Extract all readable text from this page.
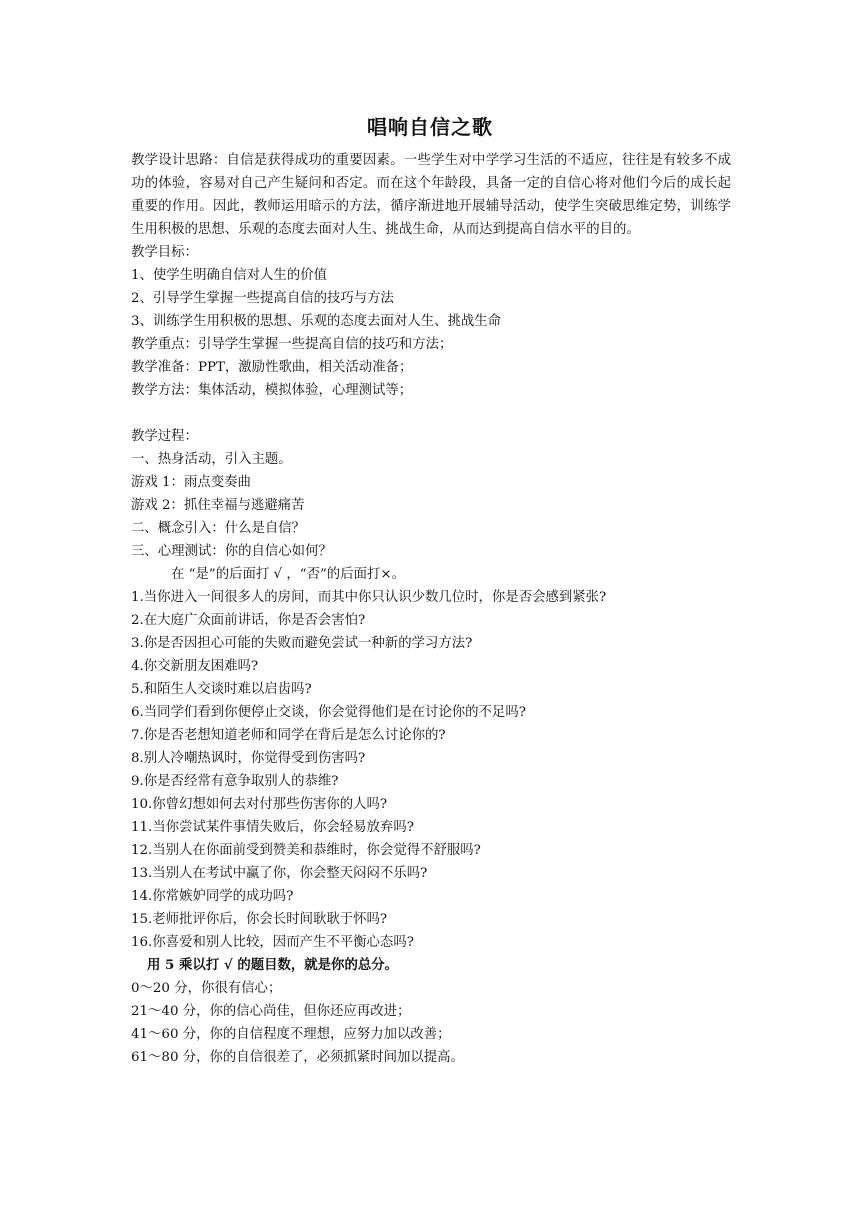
唱响自信之歌

教学设计思路：自信是获得成功的重要因素。一些学生对中学学习生活的不适应，往往是有较多不成功的体验，容易对自己产生疑问和否定。而在这个年龄段，具备一定的自信心将对他们今后的成长起重要的作用。因此，教师运用暗示的方法，循序渐进地开展辅导活动，使学生突破思维定势，训练学生用积极的思想、乐观的态度去面对人生、挑战生命，从而达到提高自信水平的目的。

教学目标：

1、使学生明确自信对人生的价值

2、引导学生掌握一些提高自信的技巧与方法

3、训练学生用积极的思想、乐观的态度去面对人生、挑战生命

教学重点：引导学生掌握一些提高自信的技巧和方法；

教学准备：PPT，激励性歌曲，相关活动准备；

教学方法：集体活动，模拟体验，心理测试等；

教学过程：

一、热身活动，引入主题。

游戏 1：雨点变奏曲

游戏 2：抓住幸福与逃避痛苦

二、概念引入：什么是自信？

三、心理测试：你的自信心如何？

在 “是”的后面打 √ ，“否”的后面打×。

1.当你进入一间很多人的房间，而其中你只认识少数几位时，你是否会感到紧张?

2.在大庭广众面前讲话，你是否会害怕?

3.你是否因担心可能的失败而避免尝试一种新的学习方法?

4.你交新朋友困难吗?

5.和陌生人交谈时难以启齿吗?

6.当同学们看到你便停止交谈，你会觉得他们是在讨论你的不足吗?

7.你是否老想知道老师和同学在背后是怎么讨论你的?

8.别人冷嘲热讽时，你觉得受到伤害吗?

9.你是否经常有意争取别人的恭维?

10.你曾幻想如何去对付那些伤害你的人吗?

11.当你尝试某件事情失败后，你会轻易放弃吗?

12.当别人在你面前受到赞美和恭维时，你会觉得不舒服吗?

13.当别人在考试中赢了你，你会整天闷闷不乐吗?

14.你常嫉妒同学的成功吗?

15.老师批评你后，你会长时间耿耿于怀吗?

16.你喜爱和别人比较，因而产生不平衡心态吗?

用 5 乘以打 √ 的题目数，就是你的总分。

0～20 分，你很有信心；

21～40 分，你的信心尚佳，但你还应再改进；

41～60 分，你的自信程度不理想，应努力加以改善；

61～80 分，你的自信很差了，必须抓紧时间加以提高。
